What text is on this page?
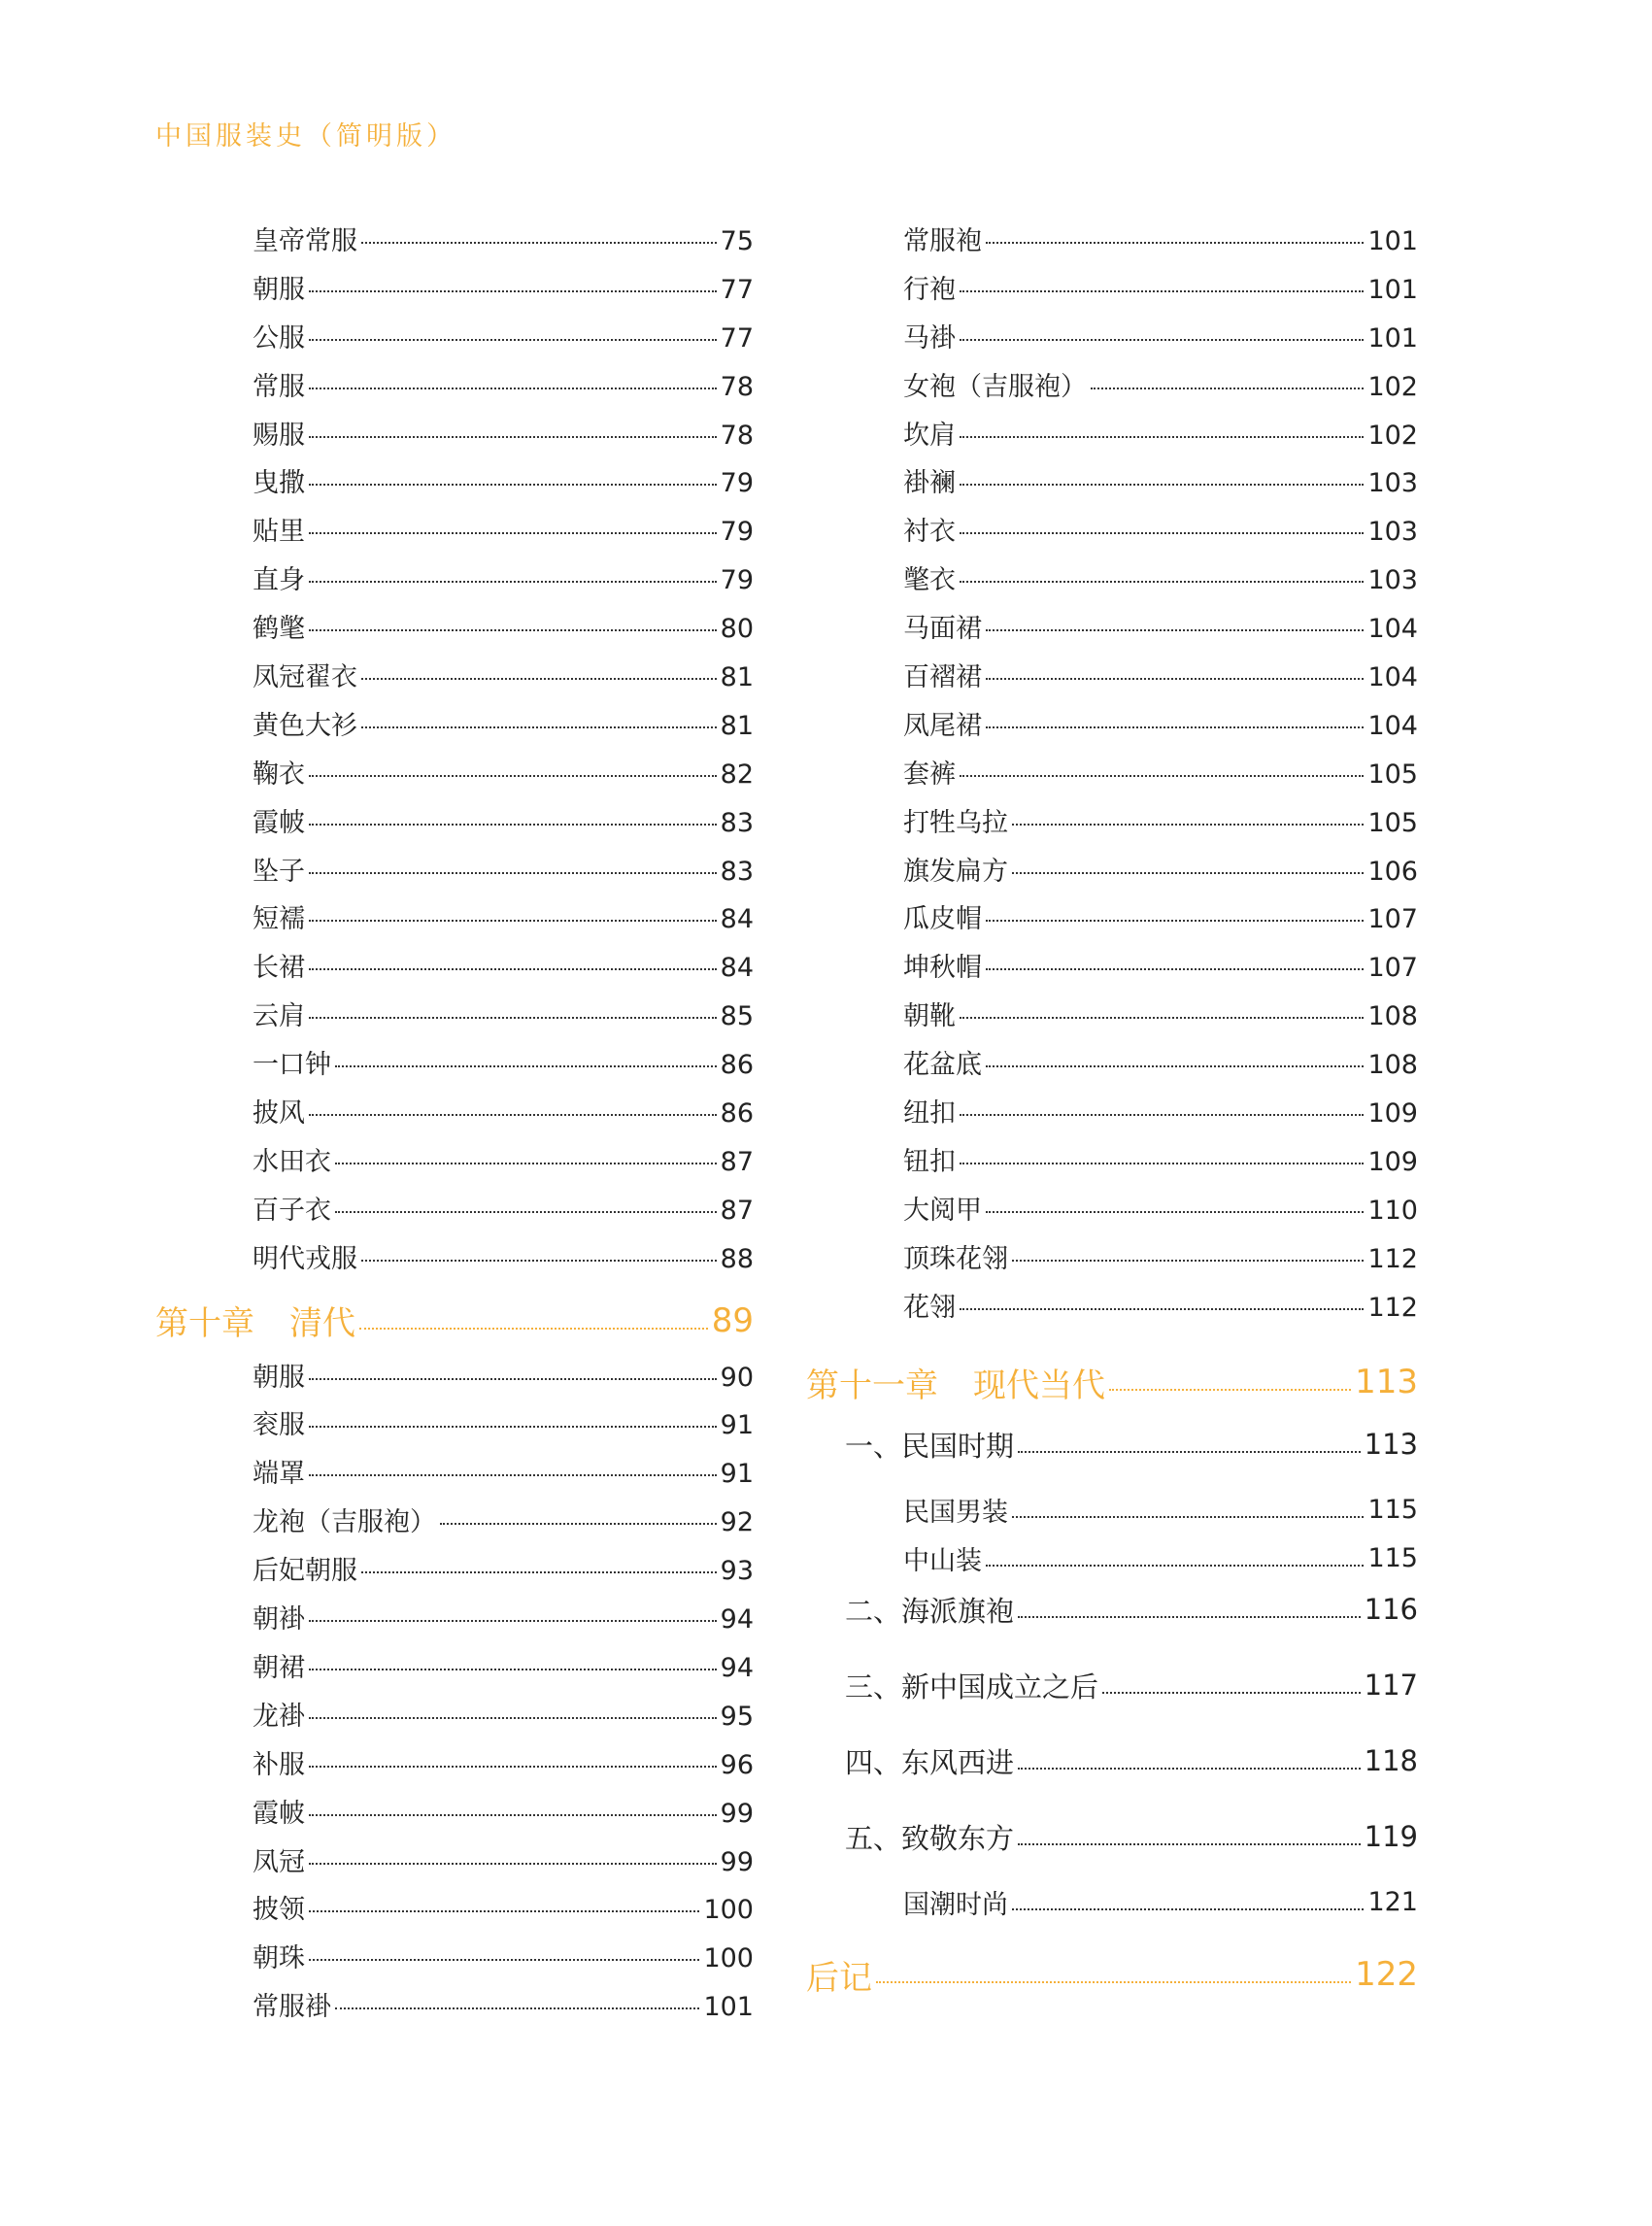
中国服装史（简明版）
皇帝常服	75
朝服	77
公服	77
常服	78
赐服	78
曳撒	79
贴里	79
直身	79
鹤氅	80
凤冠翟衣	81
黄色大衫	81
鞠衣	82
霞帔	83
坠子	83
短襦	84
长裙	84
云肩	85
一口钟	86
披风	86
水田衣	87
百子衣	87
明代戎服	88
第十章 清代	89
朝服	90
衮服	91
端罩	91
龙袍（吉服袍）	92
后妃朝服	93
朝褂	94
朝裙	94
龙褂	95
补服	96
霞帔	99
凤冠	99
披领	100
朝珠	100
常服褂	101
常服袍	101
行袍	101
马褂	101
女袍（吉服袍）	102
坎肩	102
褂襕	103
衬衣	103
氅衣	103
马面裙	104
百褶裙	104
凤尾裙	104
套裤	105
打牲乌拉	105
旗发扁方	106
瓜皮帽	107
坤秋帽	107
朝靴	108
花盆底	108
纽扣	109
钮扣	109
大阅甲	110
顶珠花翎	112
花翎	112
第十一章 现代当代	113
一、民国时期	113
民国男装	115
中山装	115
二、海派旗袍	116
三、新中国成立之后	117
四、东风西进	118
五、致敬东方	119
国潮时尚	121
后记	122
